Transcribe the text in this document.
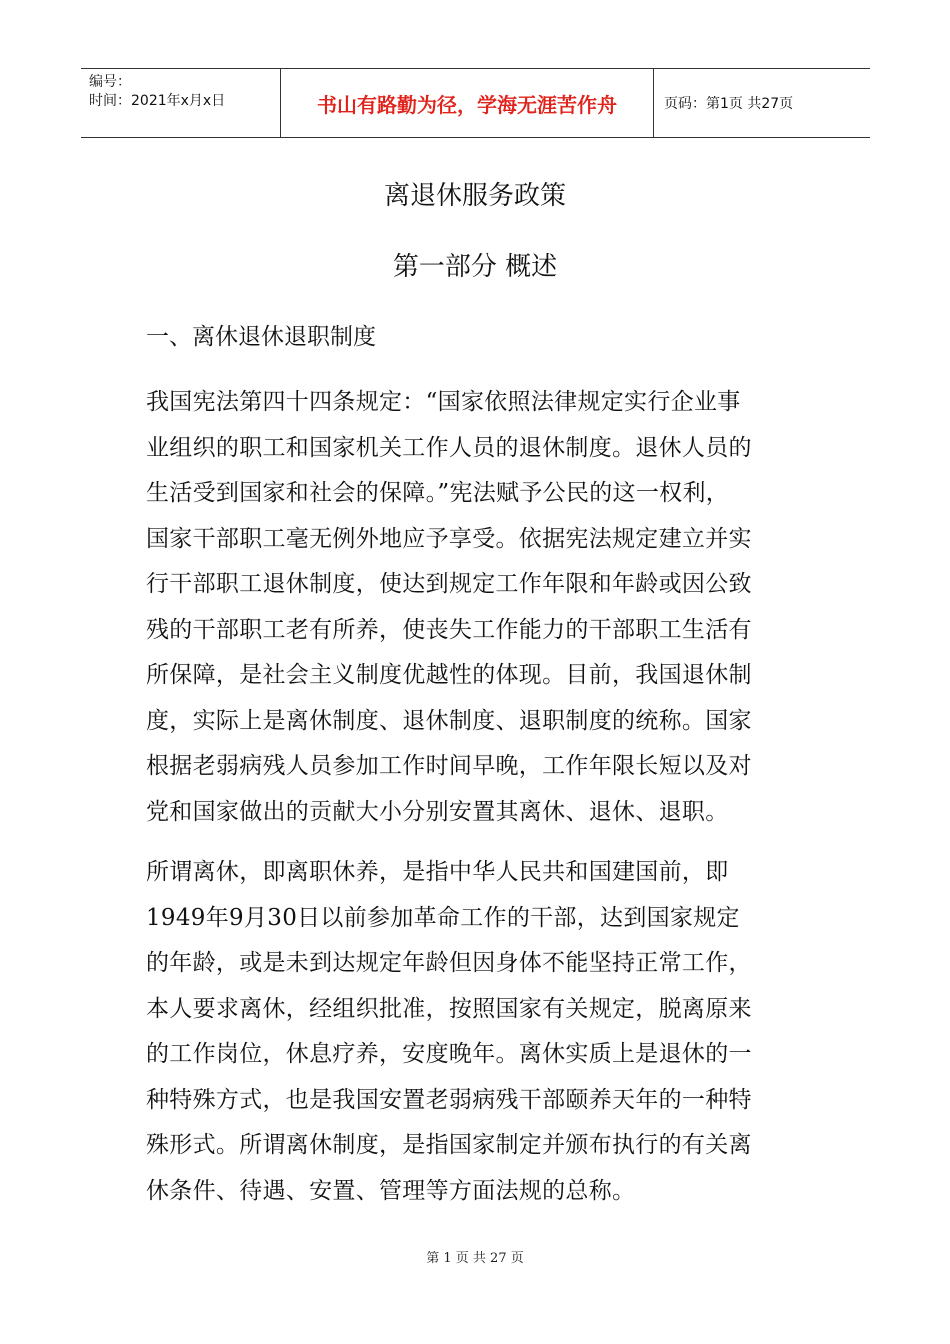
编号：
时间：2021年x月x日	书山有路勤为径，学海无涯苦作舟	页码：第1页 共27页
离退休服务政策
第一部分 概述
一、离休退休退职制度
我国宪法第四十四条规定：“国家依照法律规定实行企业事
业组织的职工和国家机关工作人员的退休制度。退休人员的
生活受到国家和社会的保障。”宪法赋予公民的这一权利，
国家干部职工毫无例外地应予享受。依据宪法规定建立并实
行干部职工退休制度，使达到规定工作年限和年龄或因公致
残的干部职工老有所养，使丧失工作能力的干部职工生活有
所保障，是社会主义制度优越性的体现。目前，我国退休制
度，实际上是离休制度、退休制度、退职制度的统称。国家
根据老弱病残人员参加工作时间早晚，工作年限长短以及对
党和国家做出的贡献大小分别安置其离休、退休、退职。
所谓离休，即离职休养，是指中华人民共和国建国前，即
1949年9月30日以前参加革命工作的干部，达到国家规定
的年龄，或是未到达规定年龄但因身体不能坚持正常工作，
本人要求离休，经组织批准，按照国家有关规定，脱离原来
的工作岗位，休息疗养，安度晚年。离休实质上是退休的一
种特殊方式，也是我国安置老弱病残干部颐养天年的一种特
殊形式。所谓离休制度，是指国家制定并颁布执行的有关离
休条件、待遇、安置、管理等方面法规的总称。
第 1 页 共 27 页
